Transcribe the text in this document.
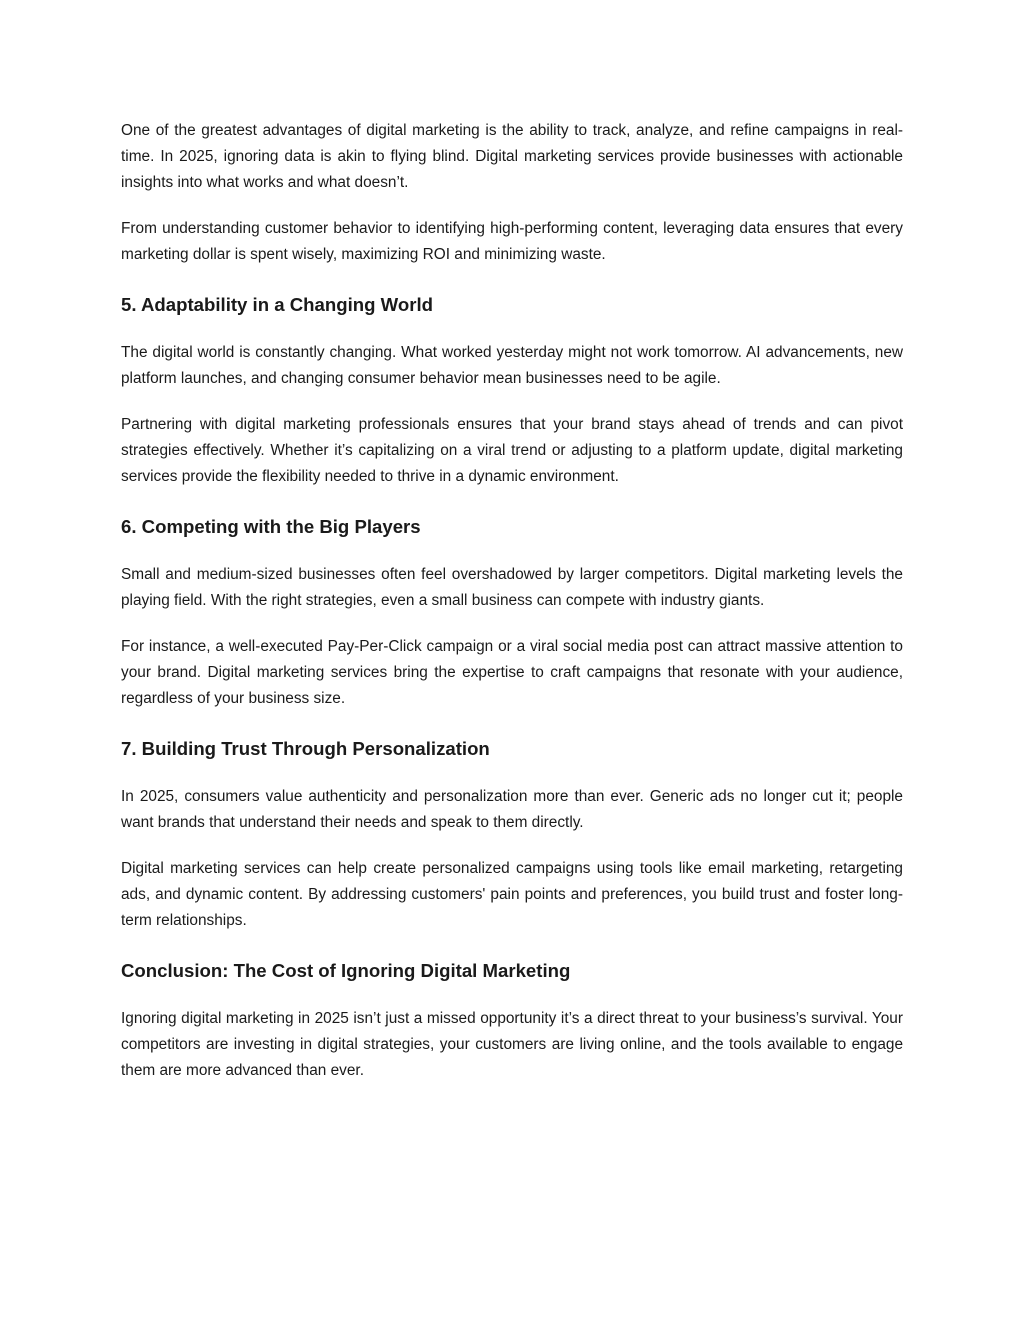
One of the greatest advantages of digital marketing is the ability to track, analyze, and refine campaigns in real-time. In 2025, ignoring data is akin to flying blind. Digital marketing services provide businesses with actionable insights into what works and what doesn’t.

From understanding customer behavior to identifying high-performing content, leveraging data ensures that every marketing dollar is spent wisely, maximizing ROI and minimizing waste.

5. Adaptability in a Changing World

The digital world is constantly changing. What worked yesterday might not work tomorrow. AI advancements, new platform launches, and changing consumer behavior mean businesses need to be agile.

Partnering with digital marketing professionals ensures that your brand stays ahead of trends and can pivot strategies effectively. Whether it’s capitalizing on a viral trend or adjusting to a platform update, digital marketing services provide the flexibility needed to thrive in a dynamic environment.

6. Competing with the Big Players

Small and medium-sized businesses often feel overshadowed by larger competitors. Digital marketing levels the playing field. With the right strategies, even a small business can compete with industry giants.

For instance, a well-executed Pay-Per-Click campaign or a viral social media post can attract massive attention to your brand. Digital marketing services bring the expertise to craft campaigns that resonate with your audience, regardless of your business size.

7. Building Trust Through Personalization

In 2025, consumers value authenticity and personalization more than ever. Generic ads no longer cut it; people want brands that understand their needs and speak to them directly.

Digital marketing services can help create personalized campaigns using tools like email marketing, retargeting ads, and dynamic content. By addressing customers' pain points and preferences, you build trust and foster long-term relationships.

Conclusion: The Cost of Ignoring Digital Marketing

Ignoring digital marketing in 2025 isn’t just a missed opportunity it’s a direct threat to your business’s survival. Your competitors are investing in digital strategies, your customers are living online, and the tools available to engage them are more advanced than ever.
